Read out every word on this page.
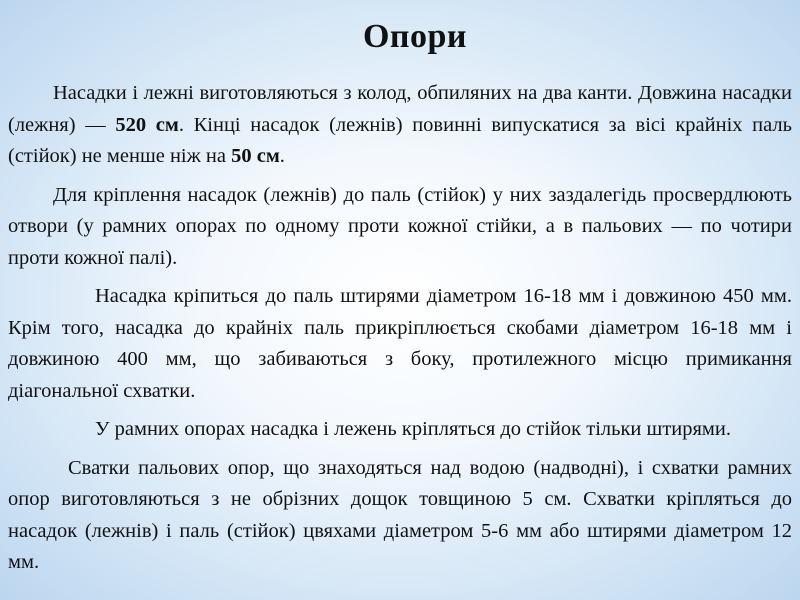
Опори

Насадки і лежні виготовляються з колод, обпиляних на два канти. Довжина насадки (лежня) — 520 см. Кінці насадок (лежнів) повинні випускатися за вісі крайніх паль (стійок) не менше ніж на 50 см.

Для кріплення насадок (лежнів) до паль (стійок) у них заздалегідь просвердлюють отвори (у рамних опорах по одному проти кожної стійки, а в пальових — по чотири проти кожної палі).

Насадка кріпиться до паль штирями діаметром 16-18 мм і довжиною 450 мм. Крім того, насадка до крайніх паль прикріплюється скобами діаметром 16-18 мм і довжиною 400 мм, що забиваються з боку, протилежного місцю примикання діагональної схватки.

У рамних опорах насадка і лежень кріпляться до стійок тільки штирями.

Сватки пальових опор, що знаходяться над водою (надводні), і схватки рамних опор виготовляються з не обрізних дощок товщиною 5 см. Схватки кріпляться до насадок (лежнів) і паль (стійок) цвяхами діаметром 5-6 мм або штирями діаметром 12 мм.
